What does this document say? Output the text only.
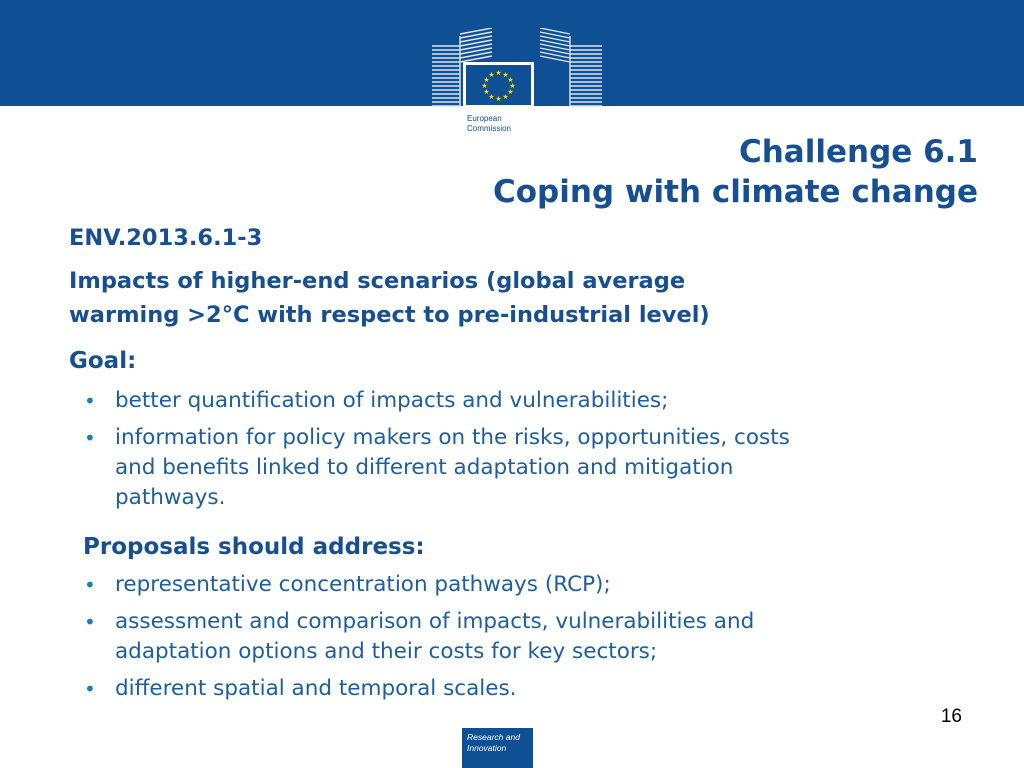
★ ★
★
★
★
★
★
★
★
★
★
★
European
Commission
Challenge 6.1
Coping with climate change
ENV.2013.6.1-3
Impacts of higher-end scenarios (global average
warming >2°C with respect to pre-industrial level)
Goal:
• better quantification of impacts and vulnerabilities;
• information for policy makers on the risks, opportunities, costs
and benefits linked to different adaptation and mitigation
pathways.
Proposals should address:
• representative concentration pathways (RCP);
• assessment and comparison of impacts, vulnerabilities and
adaptation options and their costs for key sectors;
• different spatial and temporal scales.
16
Research and
Innovation
